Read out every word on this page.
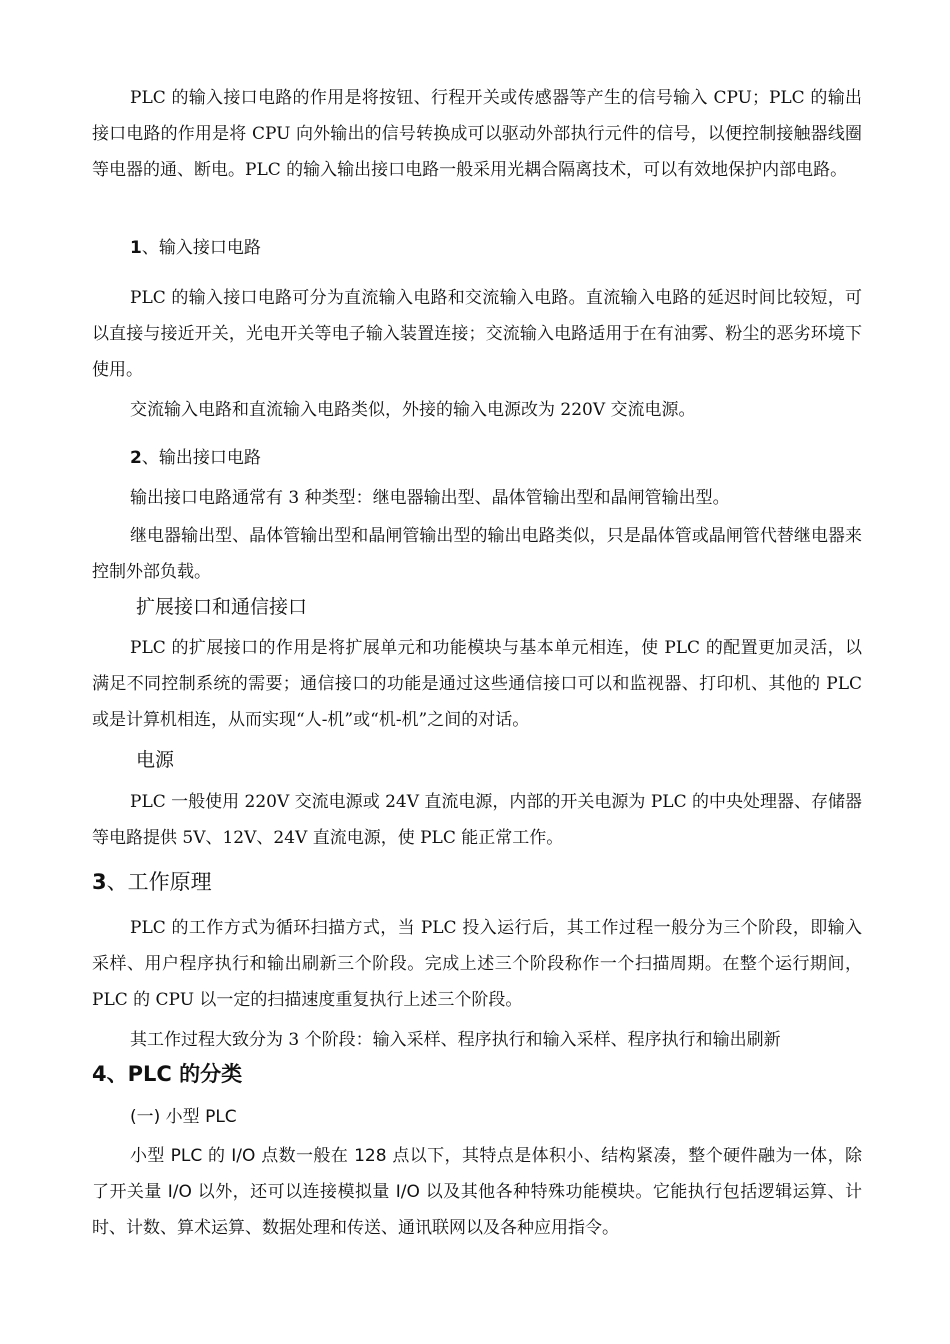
PLC 的输入接口电路的作用是将按钮、行程开关或传感器等产生的信号输入 CPU；PLC 的输出接口电路的作用是将 CPU 向外输出的信号转换成可以驱动外部执行元件的信号，以便控制接触器线圈等电器的通、断电。PLC 的输入输出接口电路一般采用光耦合隔离技术，可以有效地保护内部电路。

1、输入接口电路

PLC 的输入接口电路可分为直流输入电路和交流输入电路。直流输入电路的延迟时间比较短，可以直接与接近开关，光电开关等电子输入装置连接；交流输入电路适用于在有油雾、粉尘的恶劣环境下使用。

交流输入电路和直流输入电路类似，外接的输入电源改为 220V 交流电源。

2、输出接口电路

输出接口电路通常有 3 种类型：继电器输出型、晶体管输出型和晶闸管输出型。

继电器输出型、晶体管输出型和晶闸管输出型的输出电路类似，只是晶体管或晶闸管代替继电器来控制外部负载。

扩展接口和通信接口

PLC 的扩展接口的作用是将扩展单元和功能模块与基本单元相连，使 PLC 的配置更加灵活，以满足不同控制系统的需要；通信接口的功能是通过这些通信接口可以和监视器、打印机、其他的 PLC 或是计算机相连，从而实现“人-机”或“机-机”之间的对话。

电源

PLC 一般使用 220V 交流电源或 24V 直流电源，内部的开关电源为 PLC 的中央处理器、存储器等电路提供 5V、12V、24V 直流电源，使 PLC 能正常工作。

3、工作原理

PLC 的工作方式为循环扫描方式，当 PLC 投入运行后，其工作过程一般分为三个阶段，即输入采样、用户程序执行和输出刷新三个阶段。完成上述三个阶段称作一个扫描周期。在整个运行期间，PLC 的 CPU 以一定的扫描速度重复执行上述三个阶段。

其工作过程大致分为 3 个阶段：输入采样、程序执行和输入采样、程序执行和输出刷新

4、PLC 的分类
(一) 小型 PLC

小型 PLC 的 I/O 点数一般在 128 点以下，其特点是体积小、结构紧凑，整个硬件融为一体，除了开关量 I/O 以外，还可以连接模拟量 I/O 以及其他各种特殊功能模块。它能执行包括逻辑运算、计时、计数、算术运算、数据处理和传送、通讯联网以及各种应用指令。
